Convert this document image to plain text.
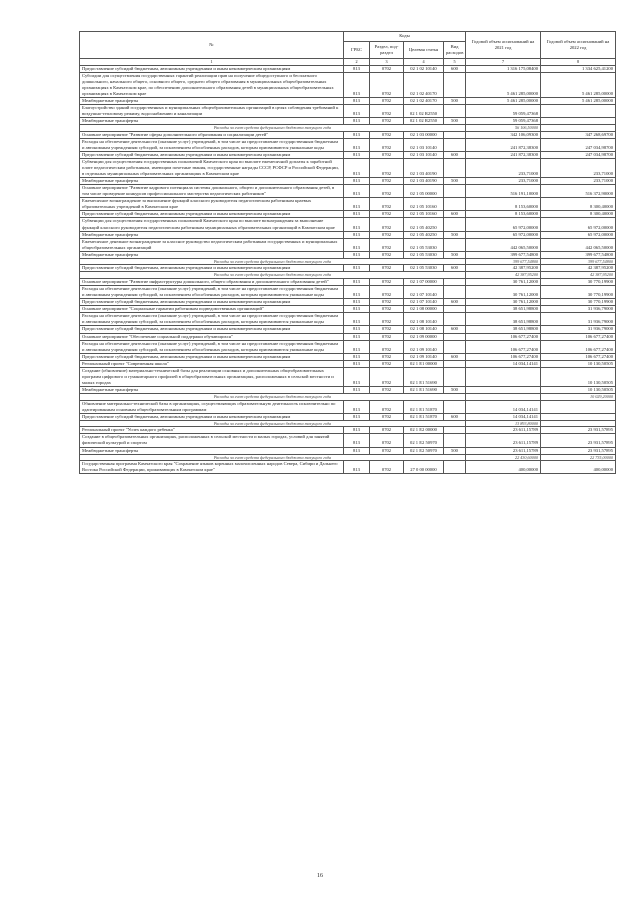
№	Коды				Годовой объем ассигнований на 2021 год	Годовой объем ассигнований на 2022 год
	ГРБС	Раздел, под-раздел	Целевая статья	Вид расходов		
1	2	3	4	5	7	8
Предоставление субсидий бюджетным, автономным учреждениям и иным некоммерческим организациям	813	0702	02 1 02 10140	600	1 316 175,08400	1 334 625,41200
Субсидии для осуществления государственных гарантий реализации прав на получение общедоступного и бесплатного дошкольного, начального общего, основного общего, среднего общего образования в муниципальных общеобразовательных организациях в Камчатском крае, по обеспечению дополнительного образования детей в муниципальных общеобразовательных организациях в Камчатском крае	813	0702	02 1 02 40170		5 461 285,00000	5 461 285,00000
Межбюджетные трансферты	813	0702	02 1 02 40170	500	5 461 285,00000	5 461 285,00000
Благоустройство зданий государственных и муниципальных общеобразовательных организаций в целях соблюдения требований к воздушно-тепловому режиму, водоснабжению и канализации	813	0702	02 1 02 R2550		59 059,47368	
Межбюджетные трансферты	813	0702	02 1 02 R2550	500	59 059,47368	
Расходы за счет средств федерального бюджета текущего года					56 106,50000	
Основное мероприятие "Развитие сферы дополнительного образования и социализации детей"	813	0702	02 1 03 00000		342 106,09300	347 268,69700
Расходы на обеспечение деятельности (оказание услуг) учреждений, в том числе на предоставление государственным бюджетным и автономным учреждениям субсидий, за исключением обособленных расходов, которым присваиваются уникальные коды	813	0702	02 1 03 10140		241 872,38300	247 034,98700
Предоставление субсидий бюджетным, автономным учреждениям и иным некоммерческим организациям	813	0702	02 1 03 10140	600	241 872,38300	247 034,98700
Субвенции для осуществления государственных полномочий Камчатского края по выплате ежемесячной доплаты к заработной плате педагогическим работникам, имеющим почетные звания, государственные награды СССР, РСФСР и Российской Федерации, в отдельных муниципальных образовательных организациях в Камчатском крае	813	0702	02 1 03 40190		233,71000	233,71000
Межбюджетные трансферты	813	0702	02 1 03 40190	500	233,71000	233,71000
Основное мероприятие "Развитие кадрового потенциала системы дошкольного, общего и дополнительного образования детей, в том числе проведение конкурсов профессионального мастерства педагогических работников"	813	0702	02 1 05 00000		516 191,10000	516 372,90000
Ежемесячное вознаграждение за выполнение функций классного руководителя педагогическим работникам краевых образовательных учреждений в Камчатском крае	813	0702	02 1 05 10160		8 153,60000	8 300,40000
Предоставление субсидий бюджетным, автономным учреждениям и иным некоммерческим организациям	813	0702	02 1 05 10160	600	8 153,60000	8 300,40000
Субвенции для осуществления государственных полномочий Камчатского края по выплате вознаграждения за выполнение функций классного руководителя педагогическим работникам муниципальных образовательных организаций в Камчатском крае	813	0702	02 1 05 40250		65 972,00000	65 972,00000
Межбюджетные трансферты	813	0702	02 1 05 40250	500	65 972,00000	65 972,00000
Ежемесячное денежное вознаграждение за классное руководство педагогическим работникам государственных и муниципальных общеобразовательных организаций	813	0702	02 1 05 53030		442 065,50000	442 065,50000
Межбюджетные трансферты	813	0702	02 1 05 53030	500	399 677,54800	399 677,54800
Расходы за счет средств федерального бюджета текущего года					399 677,54800	399 677,54800
Предоставление субсидий бюджетным, автономным учреждениям и иным некоммерческим организациям	813	0702	02 1 05 53030	600	42 387,95200	42 387,95200
Расходы за счет средств федерального бюджета текущего года					42 387,95200	42 387,95200
Основное мероприятие "Развитие инфраструктуры дошкольного, общего образования и дополнительного образования детей"	813	0702	02 1 07 00000		30 761,12000	30 770,19900
Расходы на обеспечение деятельности (оказание услуг) учреждений, в том числе на предоставление государственным бюджетным и автономным учреждениям субсидий, за исключением обособленных расходов, которым присваиваются уникальные коды	813	0702	02 1 07 10140		30 761,12000	30 770,19900
Предоставление субсидий бюджетным, автономным учреждениям и иным некоммерческим организациям	813	0702	02 1 07 10140	600	30 761,12000	30 770,19900
Основное мероприятие "Социальные гарантии работникам подведомственных организаций"	813	0702	02 1 08 00000		38 651,98800	31 936,79000
Расходы на обеспечение деятельности (оказание услуг) учреждений, в том числе на предоставление государственным бюджетным и автономным учреждениям субсидий, за исключением обособленных расходов, которым присваиваются уникальные коды	813	0702	02 1 08 10140		38 651,98800	31 936,79000
Предоставление субсидий бюджетным, автономным учреждениям и иным некоммерческим организациям	813	0702	02 1 08 10140	600	38 651,98800	31 936,79000
Основное мероприятие "Обеспечение социальной поддержки обучающихся"	813	0702	02 1 09 00000		106 677,27400	106 677,27400
Расходы на обеспечение деятельности (оказание услуг) учреждений, в том числе на предоставление государственным бюджетным и автономным учреждениям субсидий, за исключением обособленных расходов, которым присваиваются уникальные коды	813	0702	02 1 09 10140		106 677,27400	106 677,27400
Предоставление субсидий бюджетным, автономным учреждениям и иным некоммерческим организациям	813	0702	02 1 09 10140	600	106 677,27400	106 677,27400
Региональный проект "Современная школа"	813	0702	02 1 E1 00000		14 034,14141	10 130,50505
Создание (обновление) материально-технической базы для реализации основных и дополнительных общеобразовательных программ цифрового и гуманитарного профилей в общеобразовательных организациях, расположенных в сельской местности и малых городах	813	0702	02 1 E1 51690			10 130,50505
Межбюджетные трансферты	813	0702	02 1 E1 51690	500		10 130,50505
Расходы за счет средств федерального бюджета текущего года						10 029,20000
Обновление материально-технической базы в организациях, осуществляющих образовательную деятельность исключительно по адаптированным основным общеобразовательным программам	813	0702	02 1 E1 51870		14 034,14141	
Предоставление субсидий бюджетным, автономным учреждениям и иным некоммерческим организациям	813	0702	02 1 E1 51870	600	14 034,14141	
Расходы за счет средств федерального бюджета текущего года					13 893,80000	
Региональный проект "Успех каждого ребенка"	813	0702	02 1 E2 00000		23 611,15789	23 931,57895
Создание в общеобразовательных организациях, расположенных в сельской местности и малых городах, условий для занятий физической культурой и спортом	813	0702	02 1 E2 50970		23 611,15789	23 931,57895
Межбюджетные трансферты	813	0702	02 1 E2 50970	500	23 611,15789	23 931,57895
Расходы за счет средств федерального бюджета текущего года					22 430,60000	22 735,00000
Государственная программа Камчатского края "Сохранение языков коренных малочисленных народов Севера, Сибири и Дальнего Востока Российской Федерации, проживающих в Камчатском крае"	813	0702	27 0 00 00000		400,00000	400,00000
16
